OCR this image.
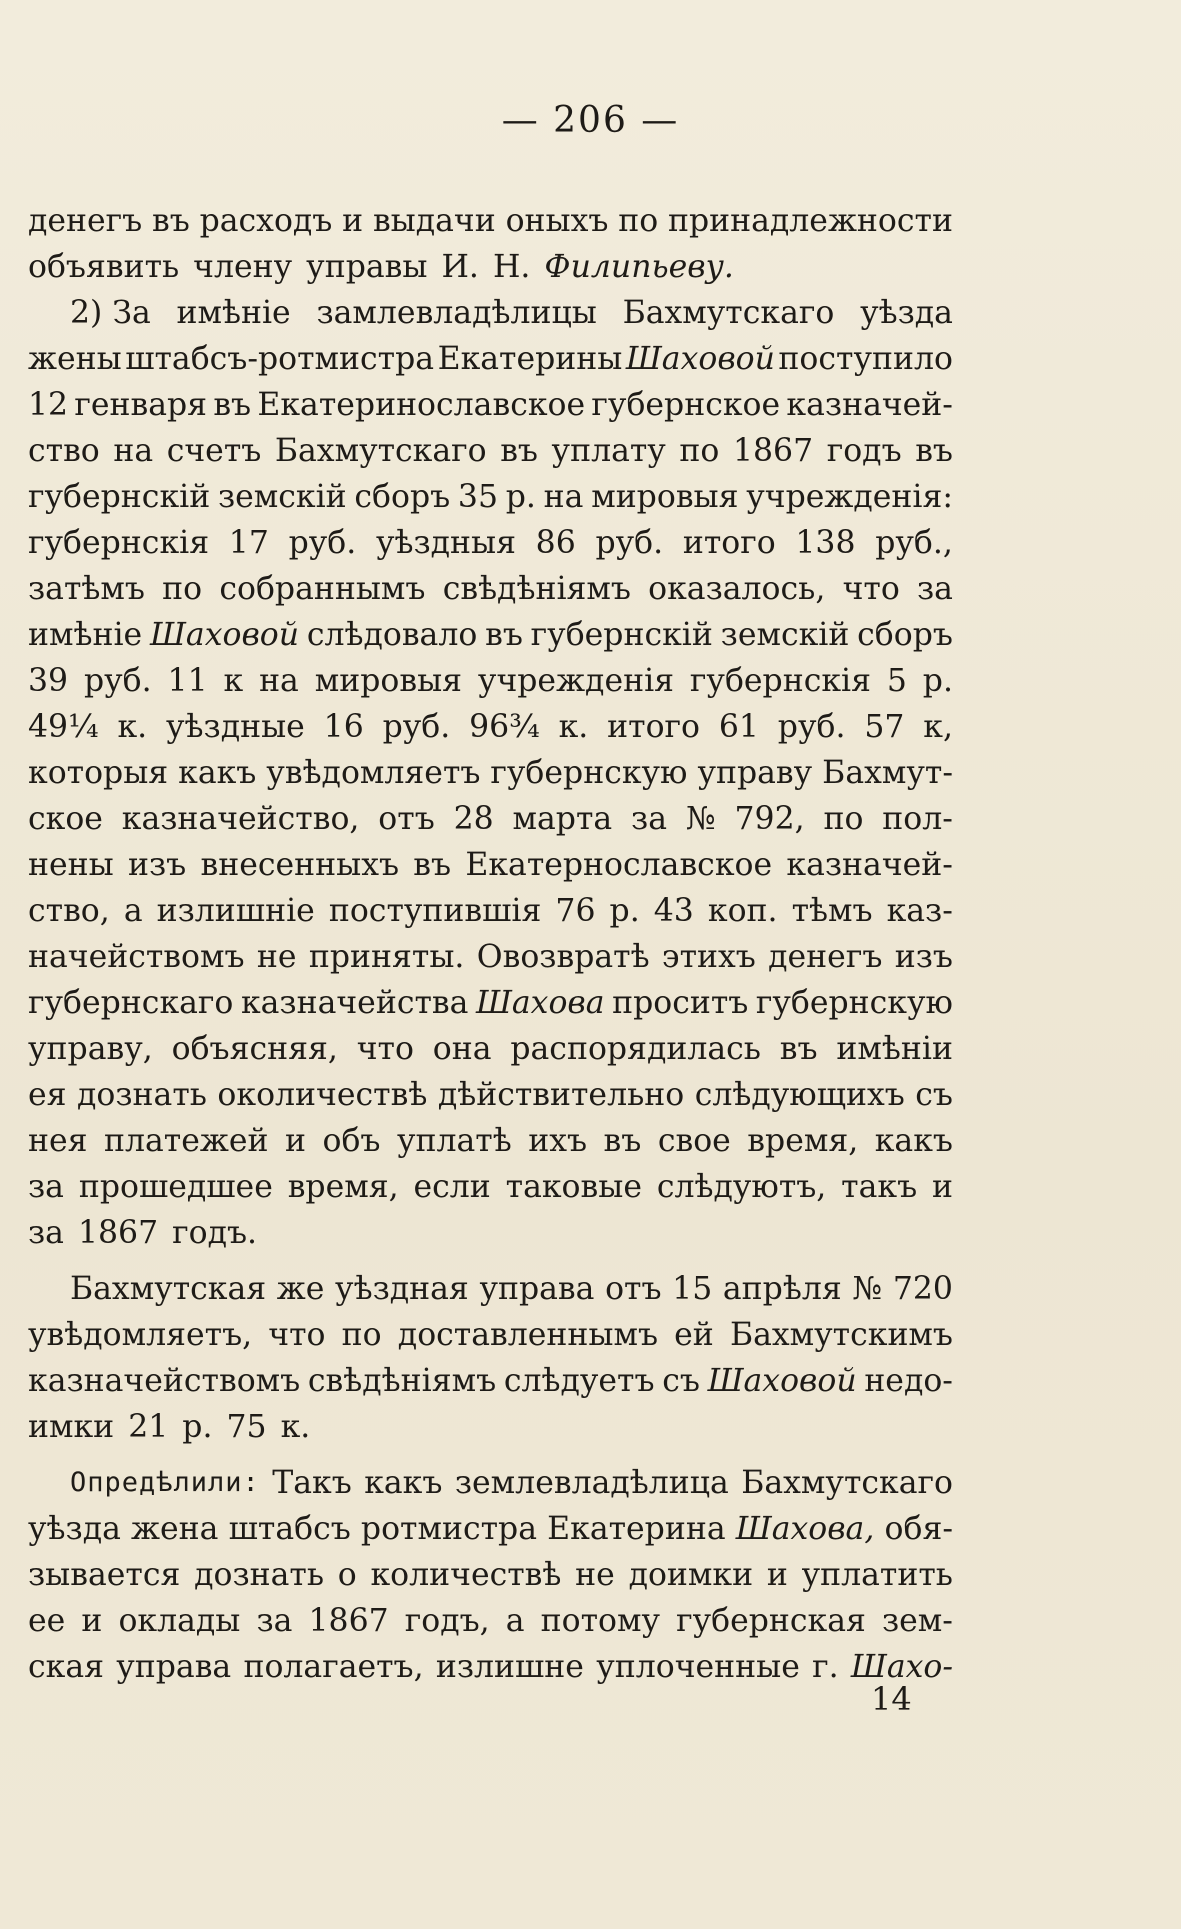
— 206 —
денегъ въ расходъ и выдачи оныхъ по принадлежности
объявить члену управы И. Н. Филипьеву.
2) За имѣніе замлевладѣлицы Бахмутскаго уѣзда
жены штабсъ-ротмистра Екатерины Шаховой поступило
12 генваря въ Екатеринославское губернское казначей-
ство на счетъ Бахмутскаго въ уплату по 1867 годъ въ
губернскій земскій сборъ 35 р. на мировыя учрежденія:
губернскія 17 руб. уѣздныя 86 руб. итого 138 руб.,
затѣмъ по собраннымъ свѣдѣніямъ оказалось, что за
имѣніе Шаховой слѣдовало въ губернскій земскій сборъ
39 руб. 11 к на мировыя учрежденія губернскія 5 р.
49¼ к. уѣздные 16 руб. 96¾ к. итого 61 руб. 57 к,
которыя какъ увѣдомляетъ губернскую управу Бахмут-
ское казначейство, отъ 28 марта за № 792, по пол-
нены изъ внесенныхъ въ Екатерноcлавское казначей-
ство, а излишніе поступившія 76 р. 43 коп. тѣмъ каз-
начействомъ не приняты. Овозвратѣ этихъ денегъ изъ
губернскаго казначейства Шахова проситъ губернскую
управу, объясняя, что она распорядилась въ имѣніи
ея дознать околичествѣ дѣйствительно слѣдующихъ съ
нея платежей и объ уплатѣ ихъ въ свое время, какъ
за прошедшее время, если таковые слѣдуютъ, такъ и
за 1867 годъ.
Бахмутская же уѣздная управа отъ 15 апрѣля № 720
увѣдомляетъ, что по доставленнымъ ей Бахмутскимъ
казначействомъ свѣдѣніямъ слѣдуетъ съ Шаховой недо-
имки 21 р. 75 к.
Опредѣлили: Такъ какъ землевладѣлица Бахмутскаго
уѣзда жена штабсъ ротмистра Екатерина Шахова, обя-
зывается дознать о количествѣ не доимки и уплатить
ее и оклады за 1867 годъ, а потому губернская зем-
ская управа полагаетъ, излишне уплоченные г. Шахо-
14
